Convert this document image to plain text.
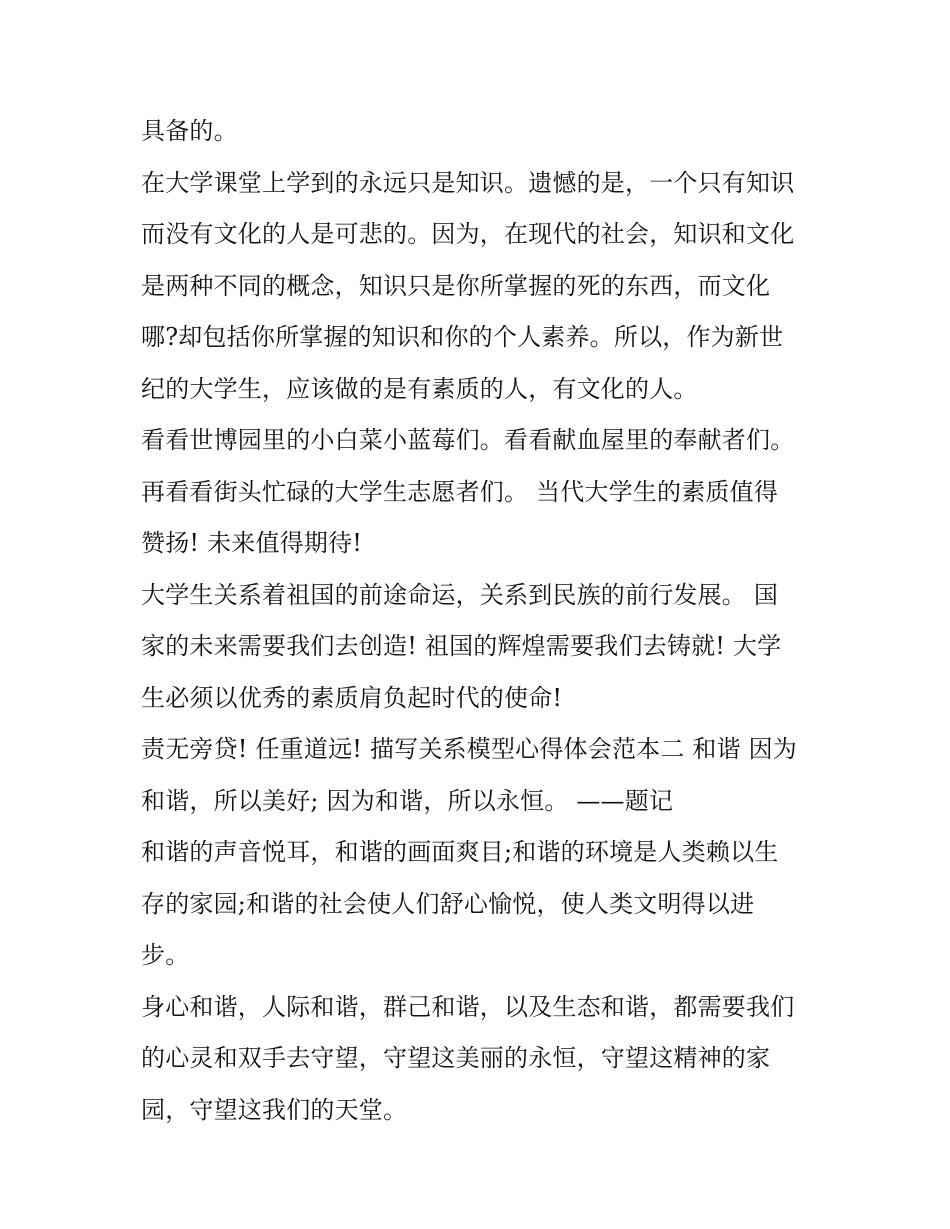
具备的。
在大学课堂上学到的永远只是知识。遗憾的是，一个只有知识
而没有文化的人是可悲的。因为，在现代的社会，知识和文化
是两种不同的概念，知识只是你所掌握的死的东西，而文化
哪?却包括你所掌握的知识和你的个人素养。所以，作为新世
纪的大学生，应该做的是有素质的人，有文化的人。
看看世博园里的小白菜小蓝莓们。看看献血屋里的奉献者们。
再看看街头忙碌的大学生志愿者们。 当代大学生的素质值得
赞扬! 未来值得期待!
大学生关系着祖国的前途命运，关系到民族的前行发展。 国
家的未来需要我们去创造! 祖国的辉煌需要我们去铸就! 大学
生必须以优秀的素质肩负起时代的使命!
责无旁贷! 任重道远! 描写关系模型心得体会范本二 和谐 因为
和谐，所以美好; 因为和谐，所以永恒。 ——题记
和谐的声音悦耳，和谐的画面爽目;和谐的环境是人类赖以生
存的家园;和谐的社会使人们舒心愉悦，使人类文明得以进
步。
身心和谐，人际和谐，群己和谐，以及生态和谐，都需要我们
的心灵和双手去守望，守望这美丽的永恒，守望这精神的家
园，守望这我们的天堂。
